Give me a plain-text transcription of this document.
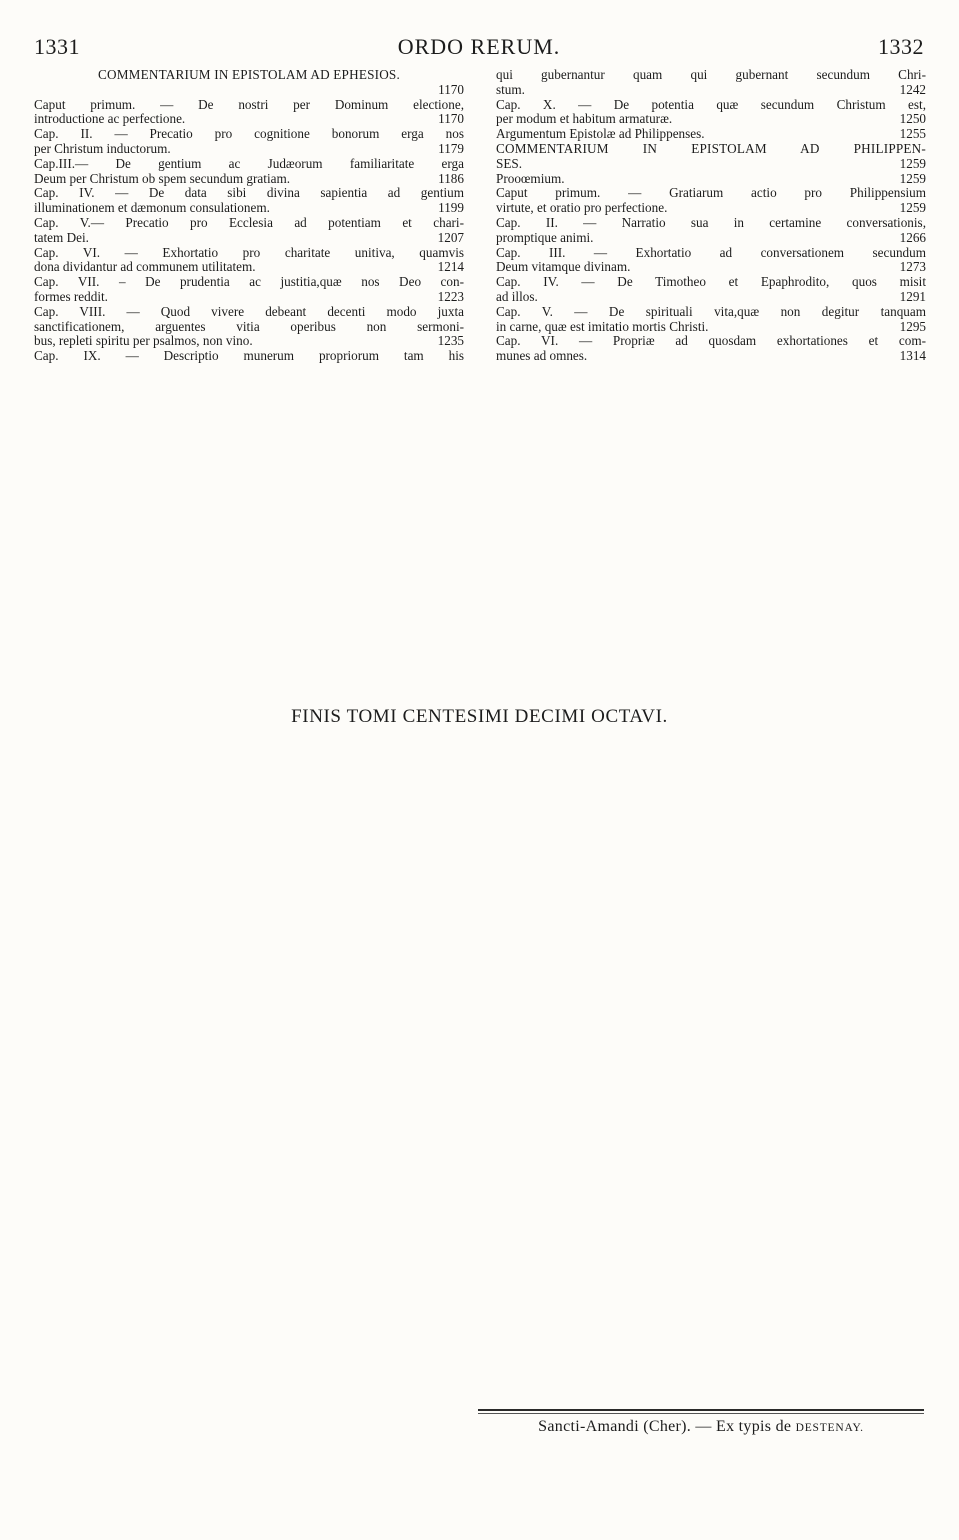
1331	ORDO RERUM.	1332
COMMENTARIUM IN EPISTOLAM AD EPHESIOS.
1170
Caput primum. — De nostri per Dominum electione,
introductione ac perfectione.	1170
Cap. II. — Precatio pro cognitione bonorum erga nos
per Christum inductorum.	1179
Cap.III.— De gentium ac Judæorum familiaritate erga
Deum per Christum ob spem secundum gratiam.	1186
Cap. IV. — De data sibi divina sapientia ad gentium
illuminationem et dæmonum consulationem.	1199
Cap. V.— Precatio pro Ecclesia ad potentiam et chari-
tatem Dei.	1207
Cap. VI. — Exhortatio pro charitate unitiva, quamvis
dona dividantur ad communem utilitatem.	1214
Cap. VII. – De prudentia ac justitia,quæ nos Deo con-
formes reddit.	1223
Cap. VIII. — Quod vivere debeant decenti modo juxta
sanctificationem, arguentes vitia operibus non sermoni-
bus, repleti spiritu per psalmos, non vino.	1235
Cap. IX. — Descriptio munerum propriorum tam his
qui gubernantur quam qui gubernant secundum Chri-
stum.	1242
Cap. X. — De potentia quæ secundum Christum est,
per modum et habitum armaturæ.	1250
Argumentum Epistolæ ad Philippenses.	1255
COMMENTARIUM IN EPISTOLAM AD PHILIPPEN-
SES.	1259
Prooœmium.	1259
Caput primum. — Gratiarum actio pro Philippensium
virtute, et oratio pro perfectione.	1259
Cap. II. — Narratio sua in certamine conversationis,
promptique animi.	1266
Cap. III. — Exhortatio ad conversationem secundum
Deum vitamque divinam.	1273
Cap. IV. — De Timotheo et Epaphrodito, quos misit
ad illos.	1291
Cap. V. — De spirituali vita,quæ non degitur tanquam
in carne, quæ est imitatio mortis Christi.	1295
Cap. VI. — Propriæ ad quosdam exhortationes et com-
munes ad omnes.	1314
FINIS TOMI CENTESIMI DECIMI OCTAVI.
Sancti-Amandi (Cher). — Ex typis de DESTENAY.
